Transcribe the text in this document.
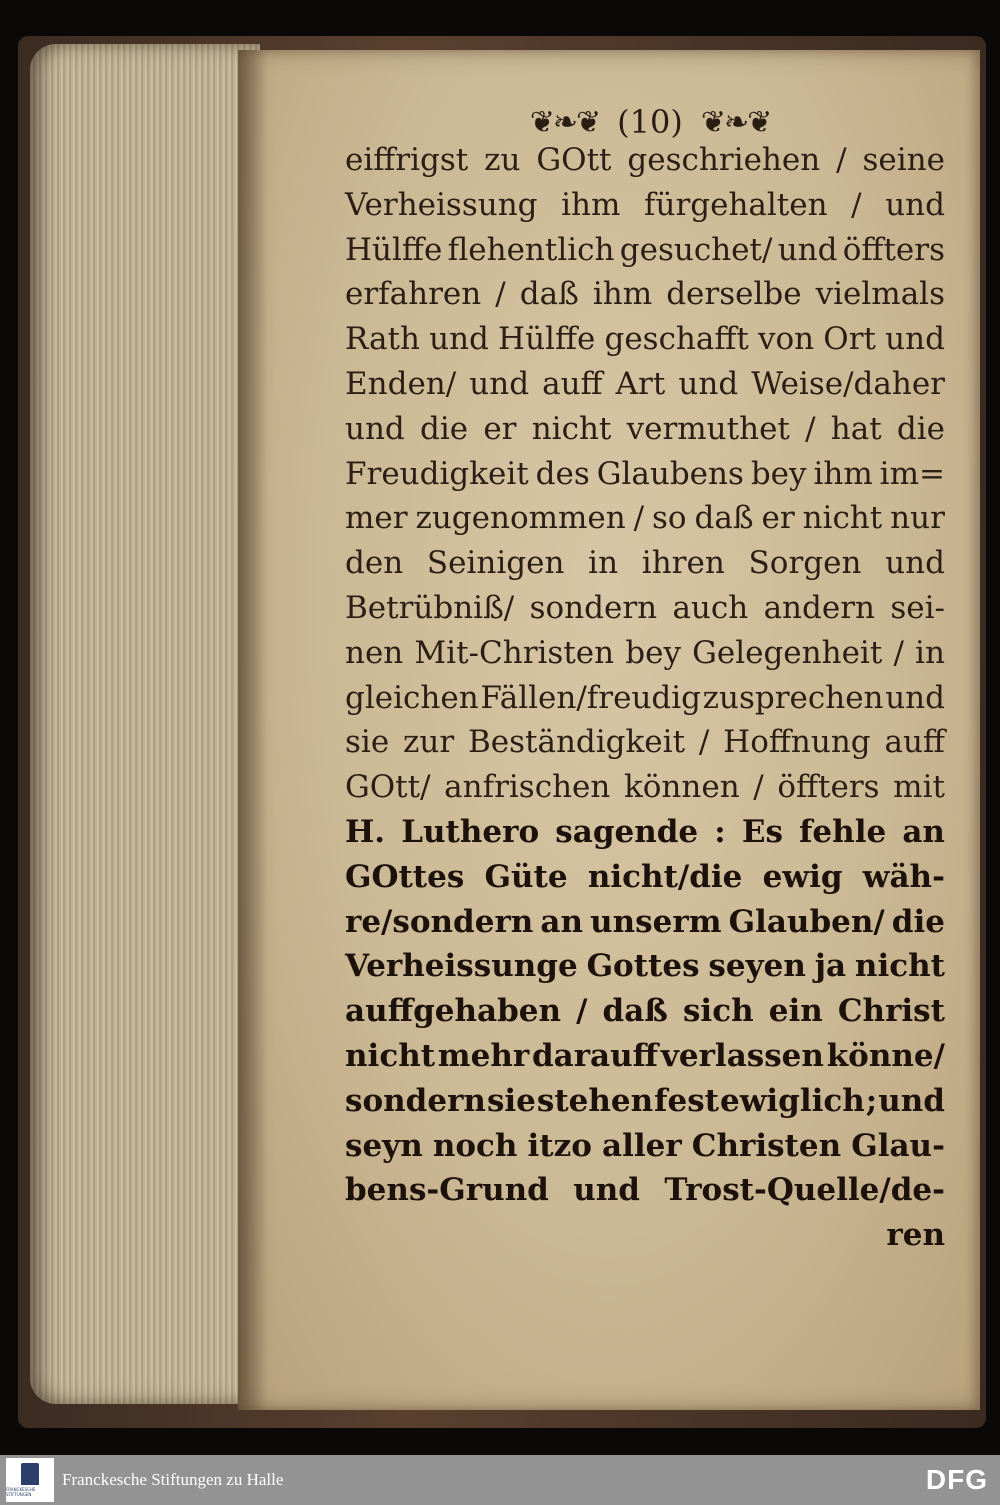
❦❧❦ (10) ❦❧❦
eiffrigst zu GOtt geschriehen / seine
Verheissung ihm fürgehalten / und
Hülffe flehentlich gesuchet/ und öffters
erfahren / daß ihm derselbe vielmals
Rath und Hülffe geschafft von Ort und
Enden/ und auff Art und Weise/daher
und die er nicht vermuthet / hat die
Freudigkeit des Glaubens bey ihm im=
mer zugenommen / so daß er nicht nur
den Seinigen in ihren Sorgen und
Betrübniß/ sondern auch andern sei-
nen Mit-Christen bey Gelegenheit / in
gleichen Fällen/freudig zusprechen und
sie zur Beständigkeit / Hoffnung auff
GOtt/ anfrischen können / öffters mit
H. Luthero sagende : Es fehle an
GOttes Güte nicht/die ewig wäh-
re/sondern an unserm Glauben/ die
Verheissunge Gottes seyen ja nicht
auffgehaben / daß sich ein Christ
nicht mehr darauff verlassen könne/
sondern sie stehen fest ewiglich ; und
seyn noch itzo aller Christen Glau-
bens-Grund und Trost-Quelle/de-
ren
FRANCKESCHE STIFTUNGEN
Franckesche Stiftungen zu Halle	DFG
